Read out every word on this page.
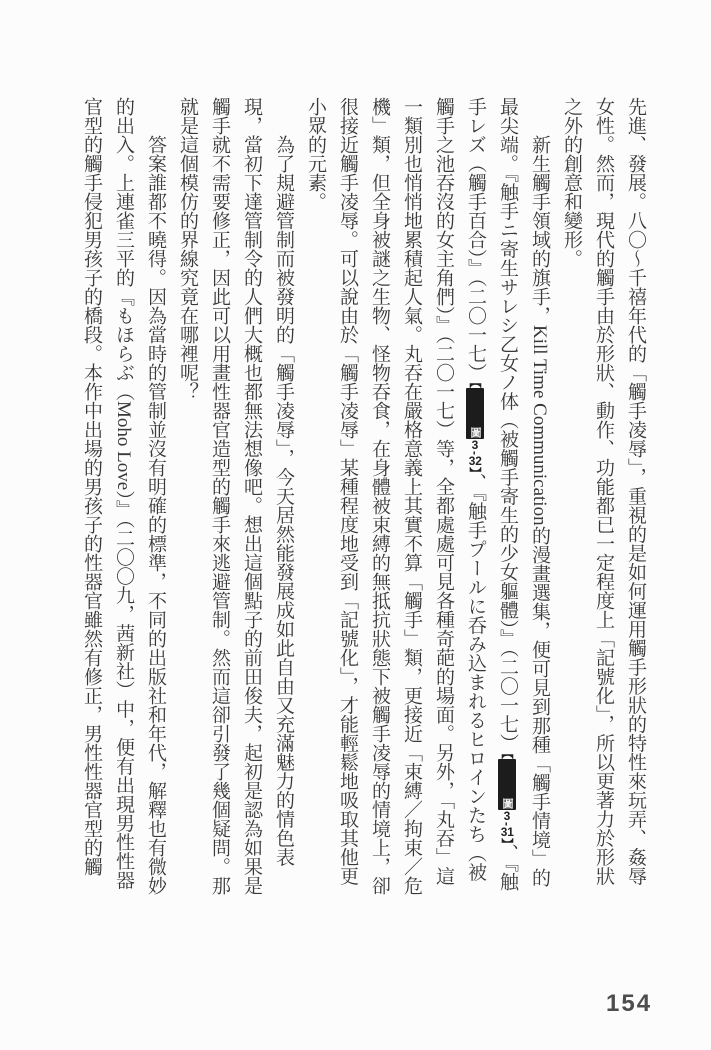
先進、發展。八〇～千禧年代的「觸手凌辱」，重視的是如何運用觸手形狀的特性來玩弄、姦辱女性。然而，現代的觸手由於形狀、動作、功能都已一定程度上「記號化」，所以更著力於形狀之外的創意和變形。

新生觸手領域的旗手，Kill Time Communication的漫畫選集，便可見到那種「觸手情境」的最尖端。『触手ニ寄生サレシ乙女ノ体（被觸手寄生的少女軀體）』（二〇一七）【圖3-31】、『触手レズ（觸手百合）』（二〇一七）【圖3-32】、『触手プールに呑み込まれるヒロインたち（被觸手之池吞沒的女主角們）』（二〇一七）等，全都處處可見各種奇葩的場面。另外，「丸吞」這一類別也悄悄地累積起人氣。丸吞在嚴格意義上其實不算「觸手」類，更接近「束縛／拘束／危機」類，但全身被謎之生物、怪物吞食，在身體被束縛的無抵抗狀態下被觸手凌辱的情境上，卻很接近觸手凌辱。可以說由於「觸手凌辱」某種程度地受到「記號化」，才能輕鬆地吸取其他更小眾的元素。

為了規避管制而被發明的「觸手凌辱」，今天居然能發展成如此自由又充滿魅力的情色表現，當初下達管制令的人們大概也都無法想像吧。想出這個點子的前田俊夫，起初是認為如果是觸手就不需要修正，因此可以用畫性器官造型的觸手來逃避管制。然而這卻引發了幾個疑問。那就是這個模仿的界線究竟在哪裡呢？

答案誰都不曉得。因為當時的管制並沒有明確的標準，不同的出版社和年代，解釋也有微妙的出入。上連雀三平的『もほらぶ（Moho Love）』（二〇〇九，茜新社）中，便有出現男性性器官型的觸手侵犯男孩子的橋段。本作中出場的男孩子的性器官雖然有修正，男性性器官型的觸

154
